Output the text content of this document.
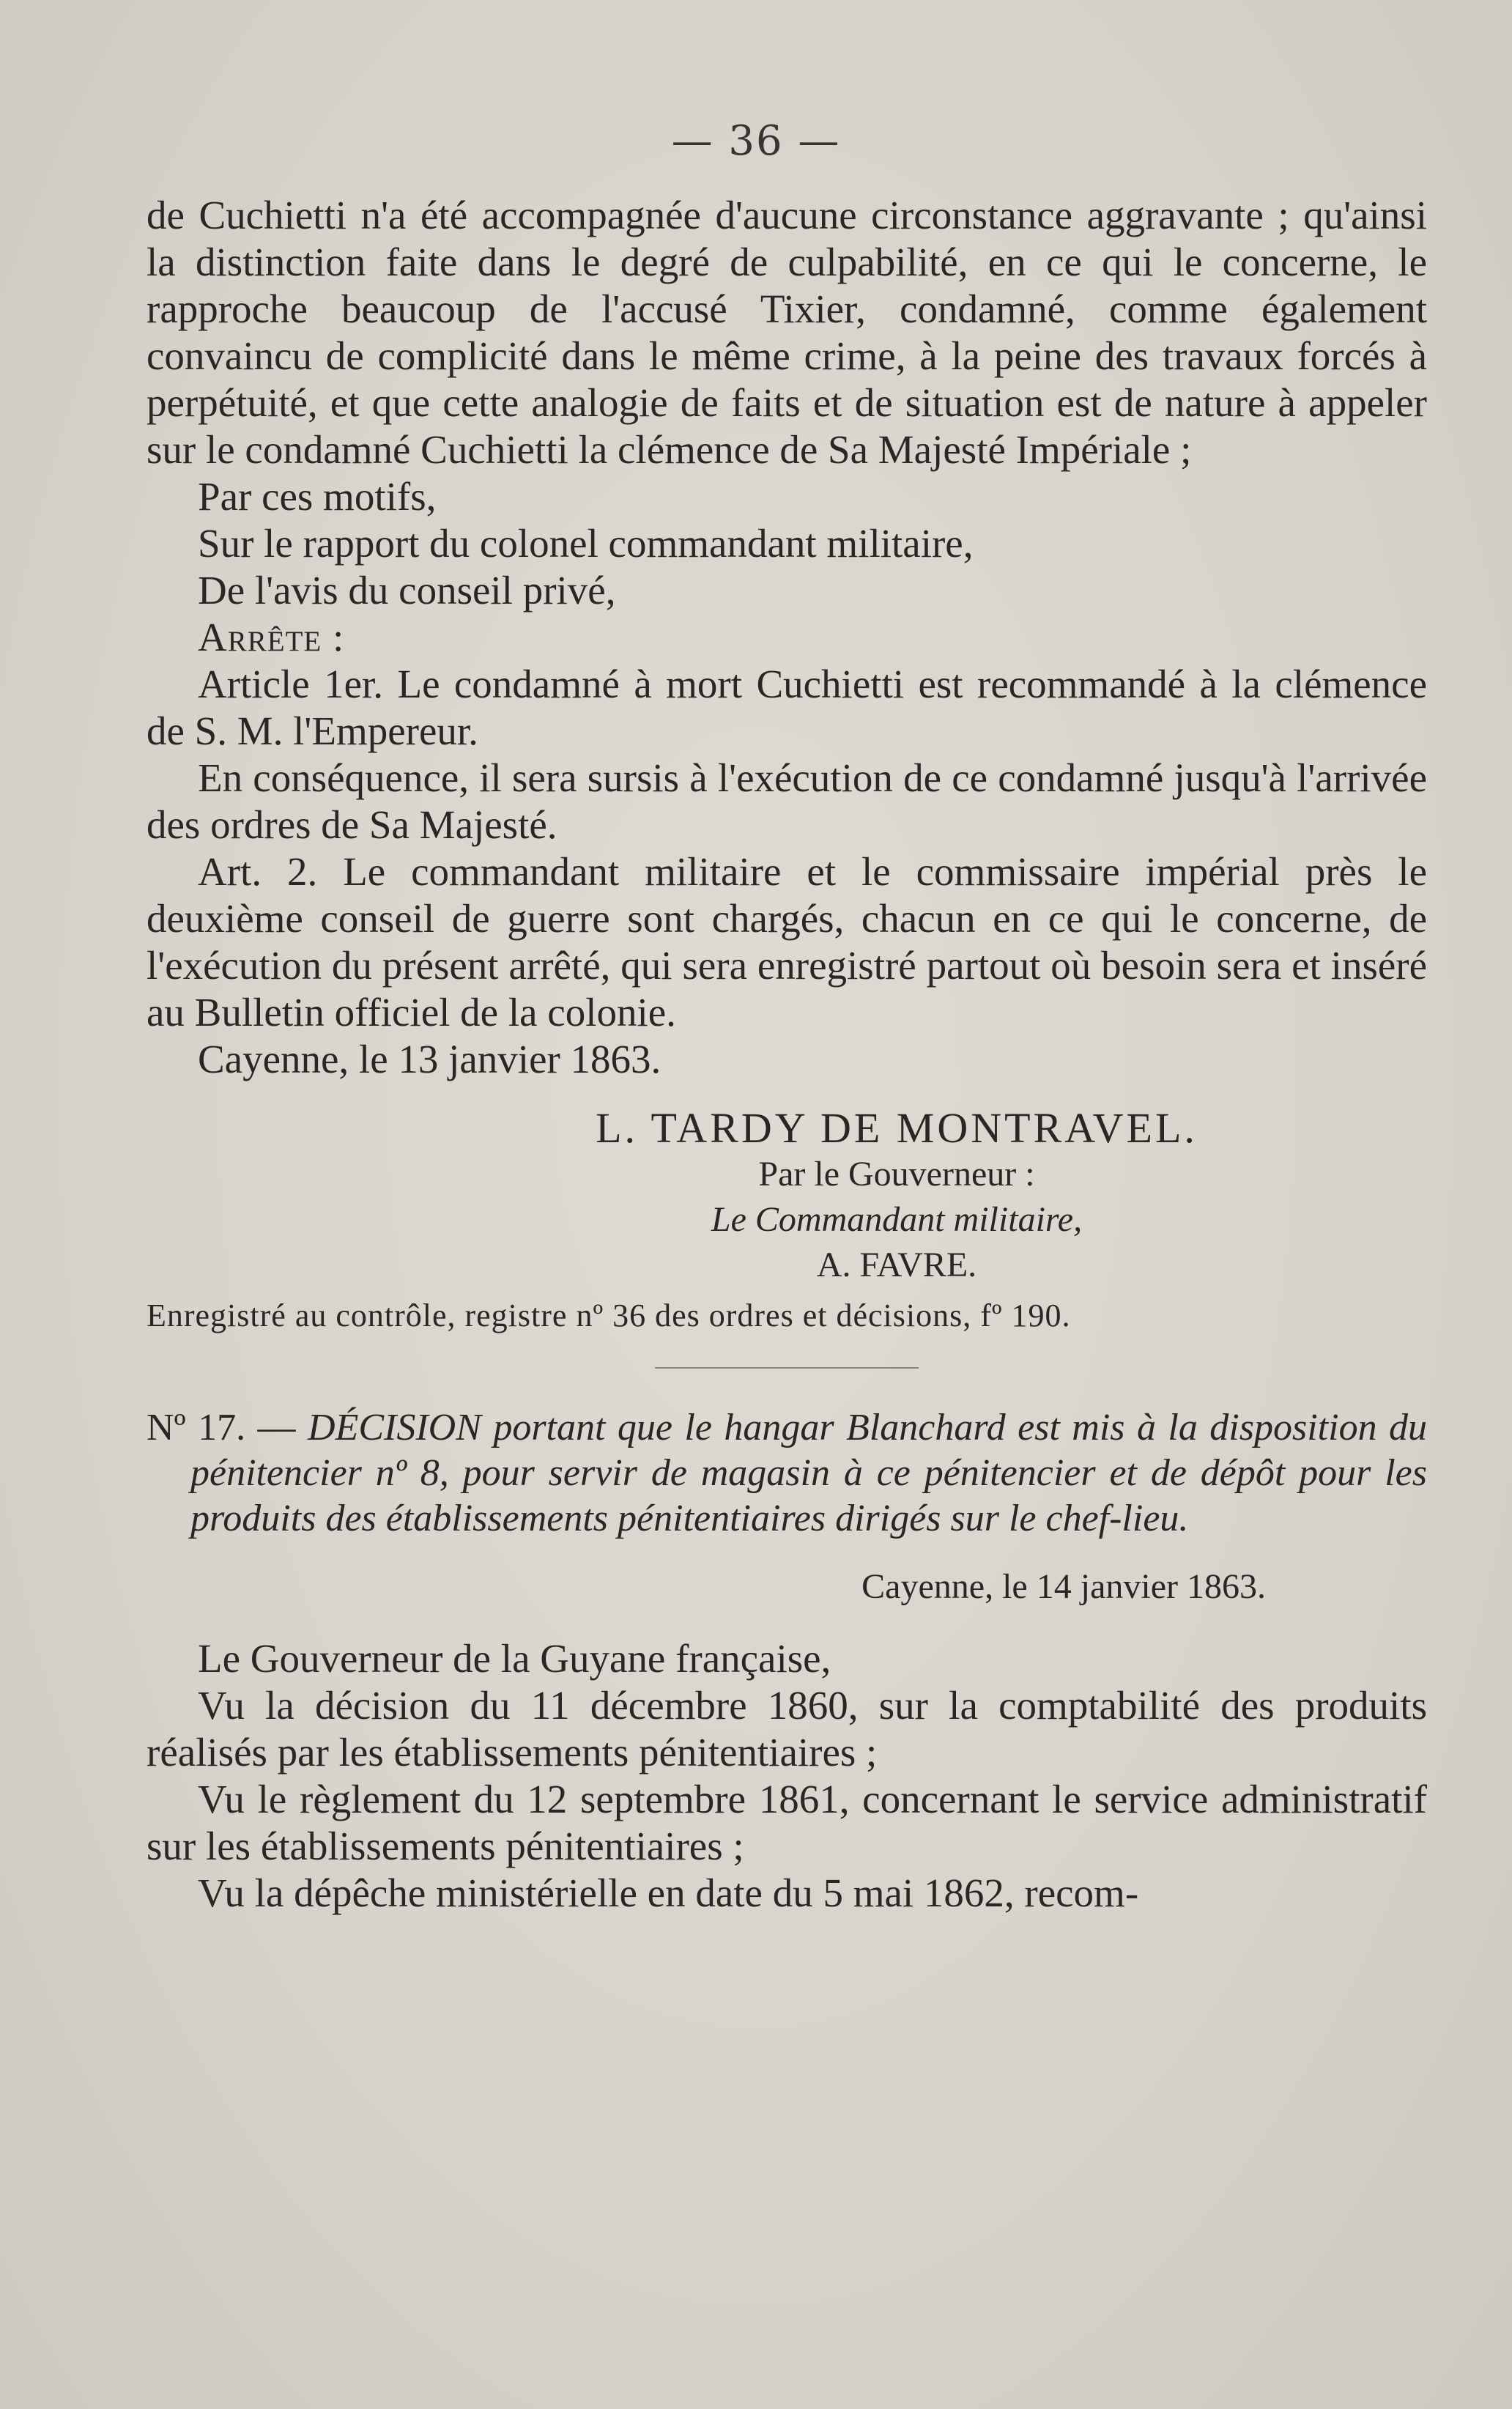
— 36 —

de Cuchietti n'a été accompagnée d'aucune circonstance aggravante ; qu'ainsi la distinction faite dans le degré de culpabilité, en ce qui le concerne, le rapproche beaucoup de l'accusé Tixier, condamné, comme également convaincu de complicité dans le même crime, à la peine des travaux forcés à perpétuité, et que cette analogie de faits et de situation est de nature à appeler sur le condamné Cuchietti la clémence de Sa Majesté Impériale ;

Par ces motifs,

Sur le rapport du colonel commandant militaire,

De l'avis du conseil privé,

Arrête :

Article 1er. Le condamné à mort Cuchietti est recommandé à la clémence de S. M. l'Empereur.

En conséquence, il sera sursis à l'exécution de ce condamné jusqu'à l'arrivée des ordres de Sa Majesté.

Art. 2. Le commandant militaire et le commissaire impérial près le deuxième conseil de guerre sont chargés, chacun en ce qui le concerne, de l'exécution du présent arrêté, qui sera enregistré partout où besoin sera et inséré au Bulletin officiel de la colonie.

Cayenne, le 13 janvier 1863.

L. TARDY DE MONTRAVEL.
Par le Gouverneur :
Le Commandant militaire,
A. FAVRE.
Enregistré au contrôle, registre nº 36 des ordres et décisions, fº 190.
Nº 17. — DÉCISION portant que le hangar Blanchard est mis à la disposition du pénitencier nº 8, pour servir de magasin à ce pénitencier et de dépôt pour les produits des établissements pénitentiaires dirigés sur le chef-lieu.
Cayenne, le 14 janvier 1863.

Le Gouverneur de la Guyane française,

Vu la décision du 11 décembre 1860, sur la comptabilité des produits réalisés par les établissements pénitentiaires ;

Vu le règlement du 12 septembre 1861, concernant le service administratif sur les établissements pénitentiaires ;

Vu la dépêche ministérielle en date du 5 mai 1862, recom-
